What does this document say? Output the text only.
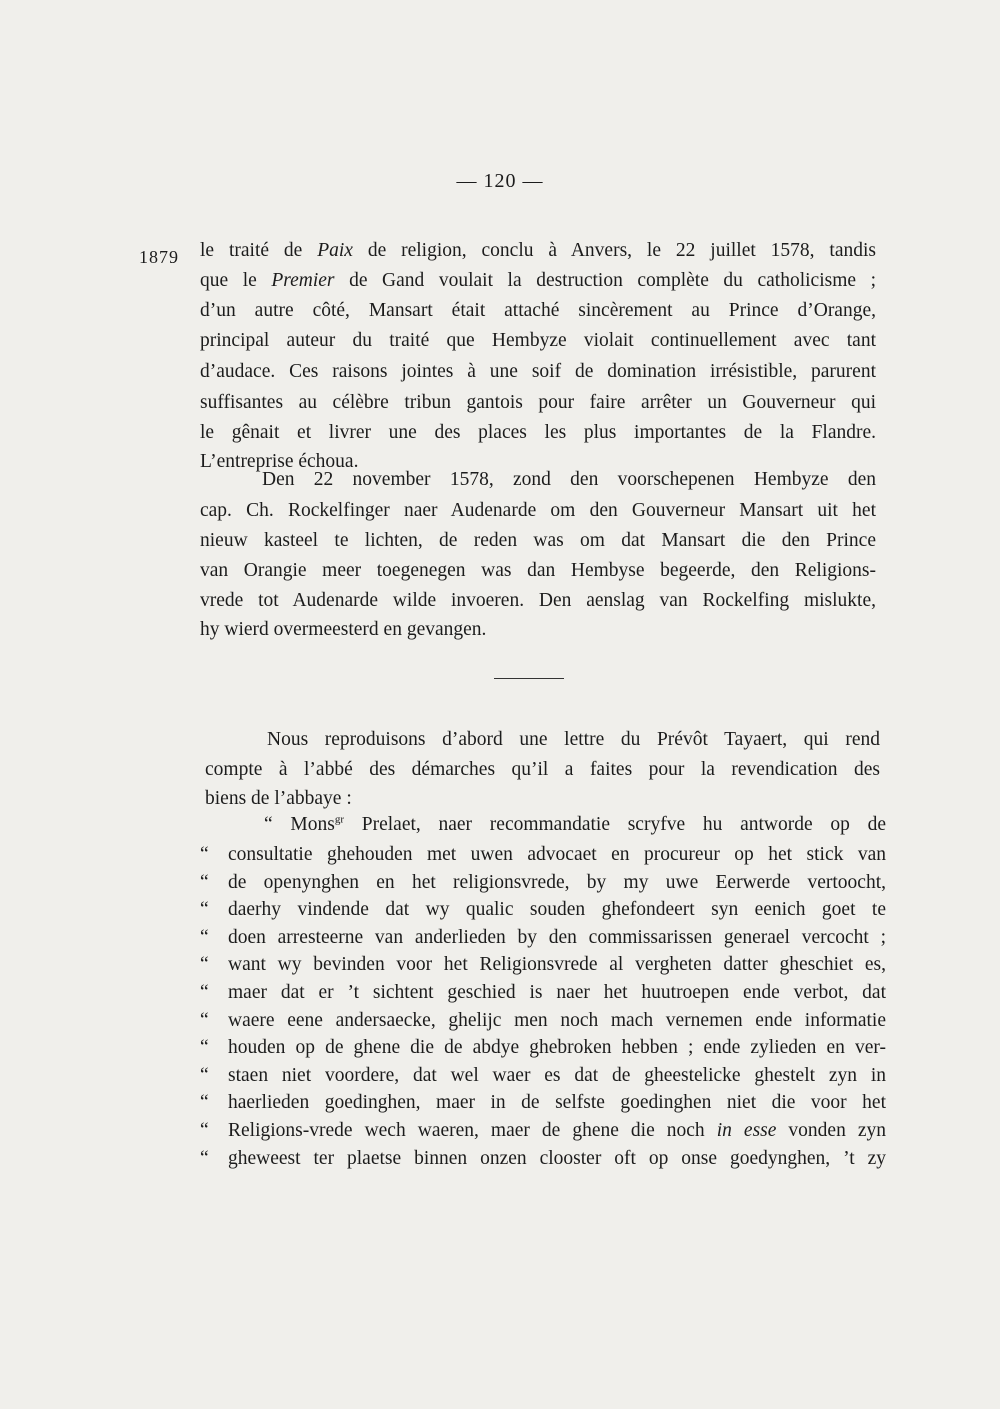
— 120 —
1879 le traité de Paix de religion, conclu à Anvers, le 22 juillet 1578, tandis
que le Premier de Gand voulait la destruction complète du catholicisme ;
d’un autre côté, Mansart était attaché sincèrement au Prince d’Orange,
principal auteur du traité que Hembyze violait continuellement avec tant
d’audace. Ces raisons jointes à une soif de domination irrésistible, parurent
suffisantes au célèbre tribun gantois pour faire arrêter un Gouverneur qui
le gênait et livrer une des places les plus importantes de la Flandre.
L’entreprise échoua.
Den 22 november 1578, zond den voorschepenen Hembyze den
cap. Ch. Rockelfinger naer Audenarde om den Gouverneur Mansart uit het
nieuw kasteel te lichten, de reden was om dat Mansart die den Prince
van Orangie meer toegenegen was dan Hembyse begeerde, den Religions-
vrede tot Audenarde wilde invoeren. Den aenslag van Rockelfing mislukte,
hy wierd overmeesterd en gevangen.
Nous reproduisons d’abord une lettre du Prévôt Tayaert, qui rend
compte à l’abbé des démarches qu’il a faites pour la revendication des
biens de l’abbaye :
“ Mons$^{gr}$ Prelaet, naer recommandatie scryfve hu antworde op de
“ consultatie ghehouden met uwen advocaet en procureur op het stick van
“ de openynghen en het religionsvrede, by my uwe Eerwerde vertoocht,
“ daerhy vindende dat wy qualic souden ghefondeert syn eenich goet te
“ doen arresteerne van anderlieden by den commissarissen generael vercocht ;
“ want wy bevinden voor het Religionsvrede al vergheten datter gheschiet es,
“ maer dat er ’t sichtent geschied is naer het huutroepen ende verbot, dat
“ waere eene andersaecke, ghelijc men noch mach vernemen ende informatie
“ houden op de ghene die de abdye ghebroken hebben ; ende zylieden en ver-
“ staen niet voordere, dat wel waer es dat de gheestelicke ghestelt zyn in
“ haerlieden goedinghen, maer in de selfste goedinghen niet die voor het
“ Religions-vrede wech waeren, maer de ghene die noch in esse vonden zyn
“ gheweest ter plaetse binnen onzen clooster oft op onse goedynghen, ’t zy
